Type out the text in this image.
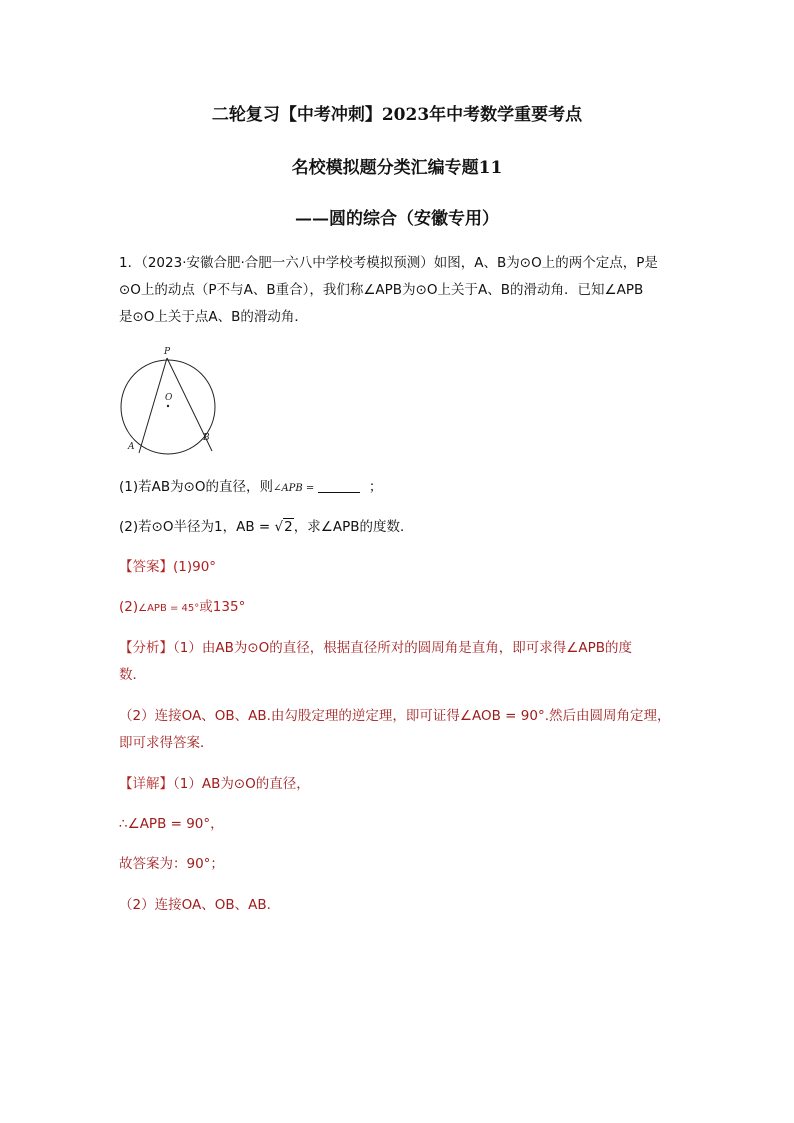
二轮复习【中考冲刺】2023年中考数学重要考点
名校模拟题分类汇编专题11
——圆的综合（安徽专用）
1．（2023·安徽合肥·合肥一六八中学校考模拟预测）如图，A、B为⊙O上的两个定点，P是
⊙O上的动点（P不与A、B重合），我们称∠APB为⊙O上关于A、B的滑动角．已知∠APB
是⊙O上关于点A、B的滑动角．
P
O
A
B
(1)若AB为⊙O的直径，则∠APB =	；
(2)若⊙O半径为1，AB = √2，求∠APB的度数．
【答案】(1)90°
(2)∠APB = 45°或135°
【分析】（1）由AB为⊙O的直径，根据直径所对的圆周角是直角，即可求得∠APB的度
数．
（2）连接OA、OB、AB.由勾股定理的逆定理，即可证得∠AOB = 90°.然后由圆周角定理，
即可求得答案．
【详解】（1）AB为⊙O的直径，
∴∠APB = 90°，
故答案为：90°；
（2）连接OA、OB、AB.
